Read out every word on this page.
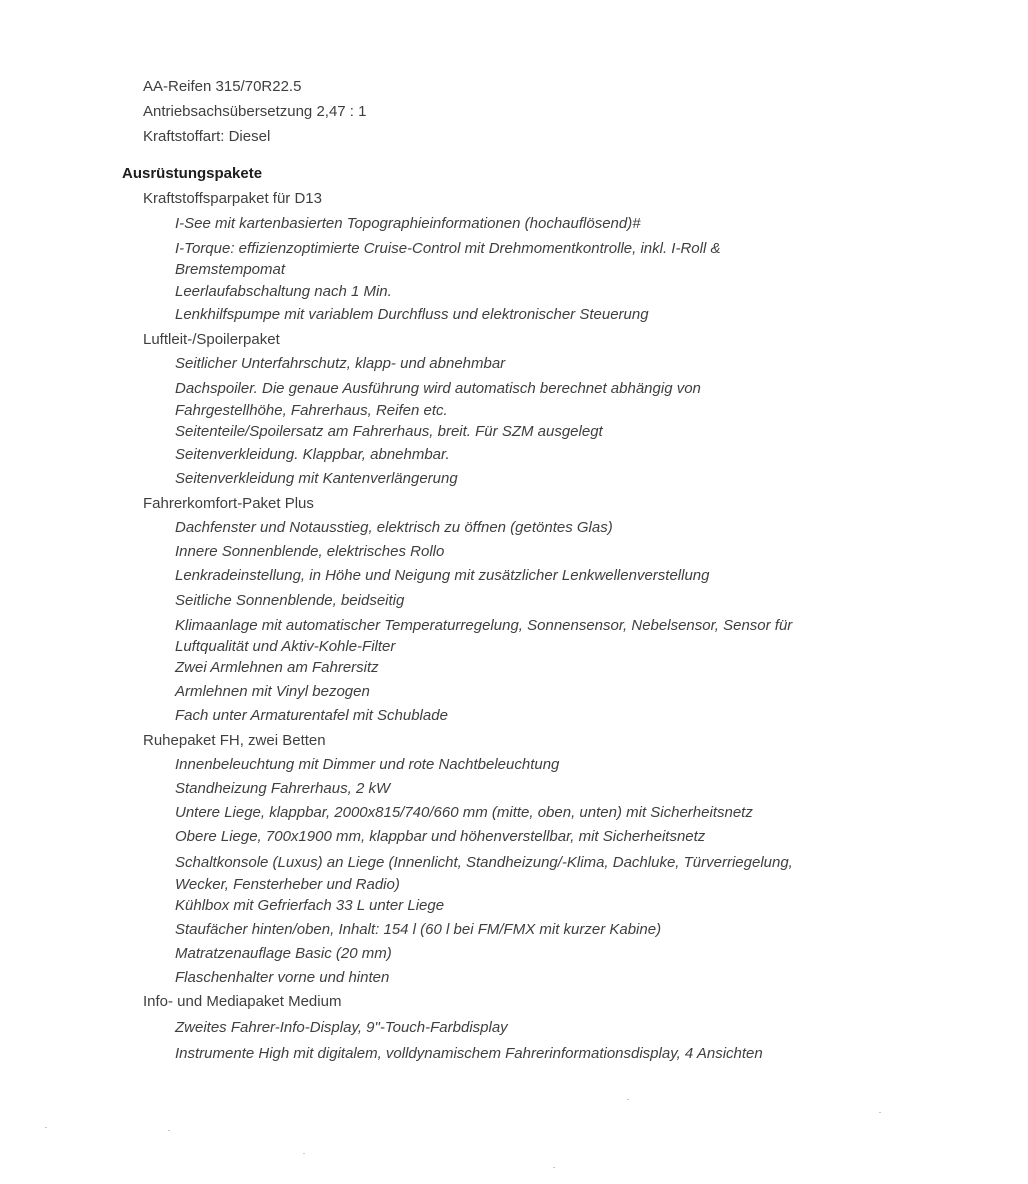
AA-Reifen 315/70R22.5
Antriebsachsübersetzung 2,47 : 1
Kraftstoffart: Diesel
Ausrüstungspakete
Kraftstoffsparpaket für D13
I-See mit kartenbasierten Topographieinformationen (hochauflösend)#
I-Torque: effizienzoptimierte Cruise-Control mit Drehmomentkontrolle, inkl. I-Roll &
Bremstempomat
Leerlaufabschaltung nach 1 Min.
Lenkhilfspumpe mit variablem Durchfluss und elektronischer Steuerung
Luftleit-/Spoilerpaket
Seitlicher Unterfahrschutz, klapp- und abnehmbar
Dachspoiler. Die genaue Ausführung wird automatisch berechnet abhängig von
Fahrgestellhöhe, Fahrerhaus, Reifen etc.
Seitenteile/Spoilersatz am Fahrerhaus, breit. Für SZM ausgelegt
Seitenverkleidung. Klappbar, abnehmbar.
Seitenverkleidung mit Kantenverlängerung
Fahrerkomfort-Paket Plus
Dachfenster und Notausstieg, elektrisch zu öffnen (getöntes Glas)
Innere Sonnenblende, elektrisches Rollo
Lenkradeinstellung, in Höhe und Neigung mit zusätzlicher Lenkwellenverstellung
Seitliche Sonnenblende, beidseitig
Klimaanlage mit automatischer Temperaturregelung, Sonnensensor, Nebelsensor, Sensor für
Luftqualität und Aktiv-Kohle-Filter
Zwei Armlehnen am Fahrersitz
Armlehnen mit Vinyl bezogen
Fach unter Armaturentafel mit Schublade
Ruhepaket FH, zwei Betten
Innenbeleuchtung mit Dimmer und rote Nachtbeleuchtung
Standheizung Fahrerhaus, 2 kW
Untere Liege, klappbar, 2000x815/740/660 mm (mitte, oben, unten) mit Sicherheitsnetz
Obere Liege, 700x1900 mm, klappbar und höhenverstellbar, mit Sicherheitsnetz
Schaltkonsole (Luxus) an Liege (Innenlicht, Standheizung/-Klima, Dachluke, Türverriegelung,
Wecker, Fensterheber und Radio)
Kühlbox mit Gefrierfach 33 L unter Liege
Staufächer hinten/oben, Inhalt: 154 l (60 l bei FM/FMX mit kurzer Kabine)
Matratzenauflage Basic (20 mm)
Flaschenhalter vorne und hinten
Info- und Mediapaket Medium
Zweites Fahrer-Info-Display, 9"-Touch-Farbdisplay
Instrumente High mit digitalem, volldynamischem Fahrerinformationsdisplay, 4 Ansichten
